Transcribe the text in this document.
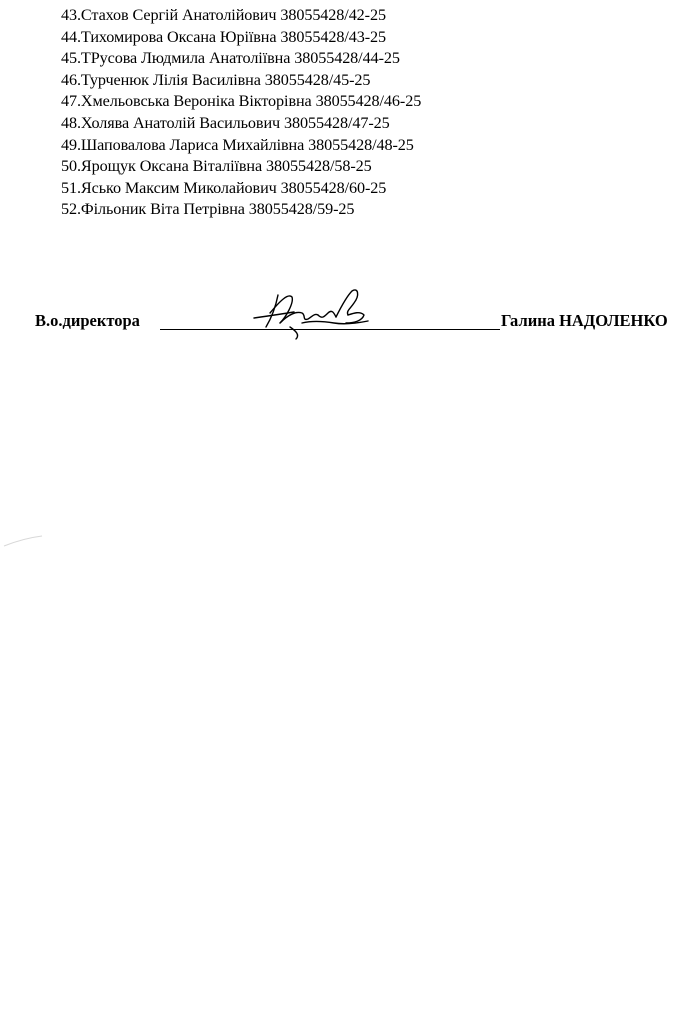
43.Стахов Сергій Анатолійович 38055428/42-25
44.Тихомирова Оксана Юріївна 38055428/43-25
45.ТРусова Людмила Анатоліївна 38055428/44-25
46.Турченюк Лілія Василівна 38055428/45-25
47.Хмельовська Вероніка Вікторівна 38055428/46-25
48.Холява Анатолій Васильович 38055428/47-25
49.Шаповалова Лариса Михайлівна 38055428/48-25
50.Ярощук Оксана Віталіївна 38055428/58-25
51.Ясько Максим Миколайович 38055428/60-25
52.Фільоник Віта Петрівна 38055428/59-25
В.о.директора	Галина НАДОЛЕНКО
